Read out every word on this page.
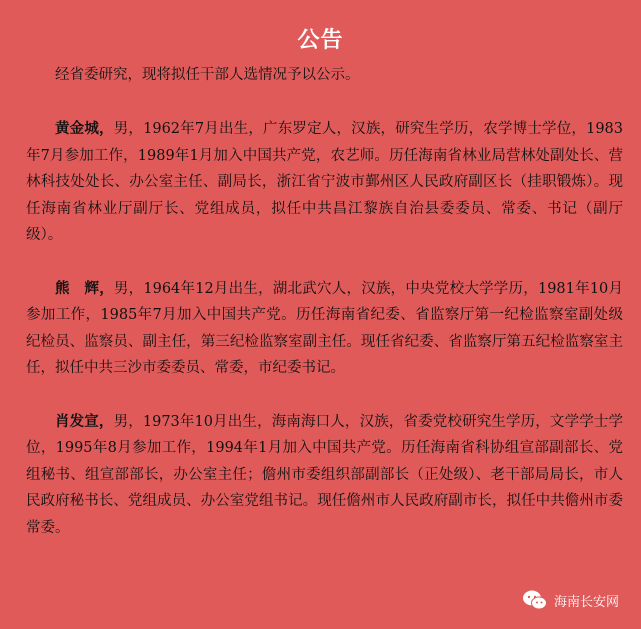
公告

经省委研究，现将拟任干部人选情况予以公示。

黄金城，男，1962年7月出生，广东罗定人，汉族，研究生学历，农学博士学位，1983年7月参加工作，1989年1月加入中国共产党，农艺师。历任海南省林业局营林处副处长、营林科技处处长、办公室主任、副局长，浙江省宁波市鄞州区人民政府副区长（挂职锻炼）。现任海南省林业厅副厅长、党组成员，拟任中共昌江黎族自治县委委员、常委、书记（副厅级）。

熊　辉，男，1964年12月出生，湖北武穴人，汉族，中央党校大学学历，1981年10月参加工作，1985年7月加入中国共产党。历任海南省纪委、省监察厅第一纪检监察室副处级纪检员、监察员、副主任，第三纪检监察室副主任。现任省纪委、省监察厅第五纪检监察室主任，拟任中共三沙市委委员、常委，市纪委书记。

肖发宣，男，1973年10月出生，海南海口人，汉族，省委党校研究生学历，文学学士学位，1995年8月参加工作，1994年1月加入中国共产党。历任海南省科协组宣部副部长、党组秘书、组宣部部长，办公室主任；儋州市委组织部副部长（正处级）、老干部局局长，市人民政府秘书长、党组成员、办公室党组书记。现任儋州市人民政府副市长，拟任中共儋州市委常委。

海南长安网
